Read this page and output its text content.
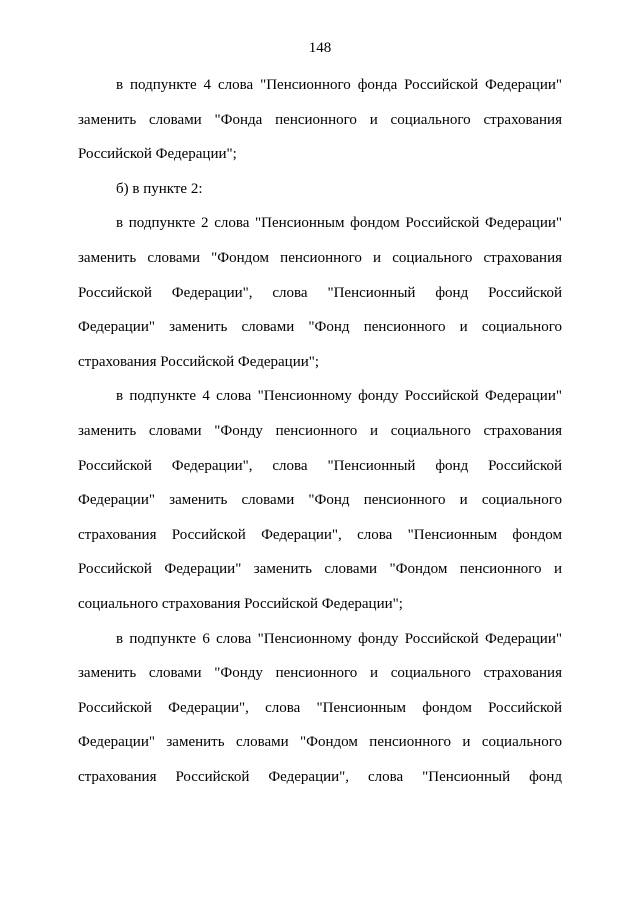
148

в подпункте 4 слова "Пенсионного фонда Российской Федерации" заменить словами "Фонда пенсионного и социального страхования Российской Федерации";

б) в пункте 2:

в подпункте 2 слова "Пенсионным фондом Российской Федерации" заменить словами "Фондом пенсионного и социального страхования Российской Федерации", слова "Пенсионный фонд Российской Федерации" заменить словами "Фонд пенсионного и социального страхования Российской Федерации";

в подпункте 4 слова "Пенсионному фонду Российской Федерации" заменить словами "Фонду пенсионного и социального страхования Российской Федерации", слова "Пенсионный фонд Российской Федерации" заменить словами "Фонд пенсионного и социального страхования Российской Федерации", слова "Пенсионным фондом Российской Федерации" заменить словами "Фондом пенсионного и социального страхования Российской Федерации";

в подпункте 6 слова "Пенсионному фонду Российской Федерации" заменить словами "Фонду пенсионного и социального страхования Российской Федерации", слова "Пенсионным фондом Российской Федерации" заменить словами "Фондом пенсионного и социального страхования Российской Федерации", слова "Пенсионный фонд
